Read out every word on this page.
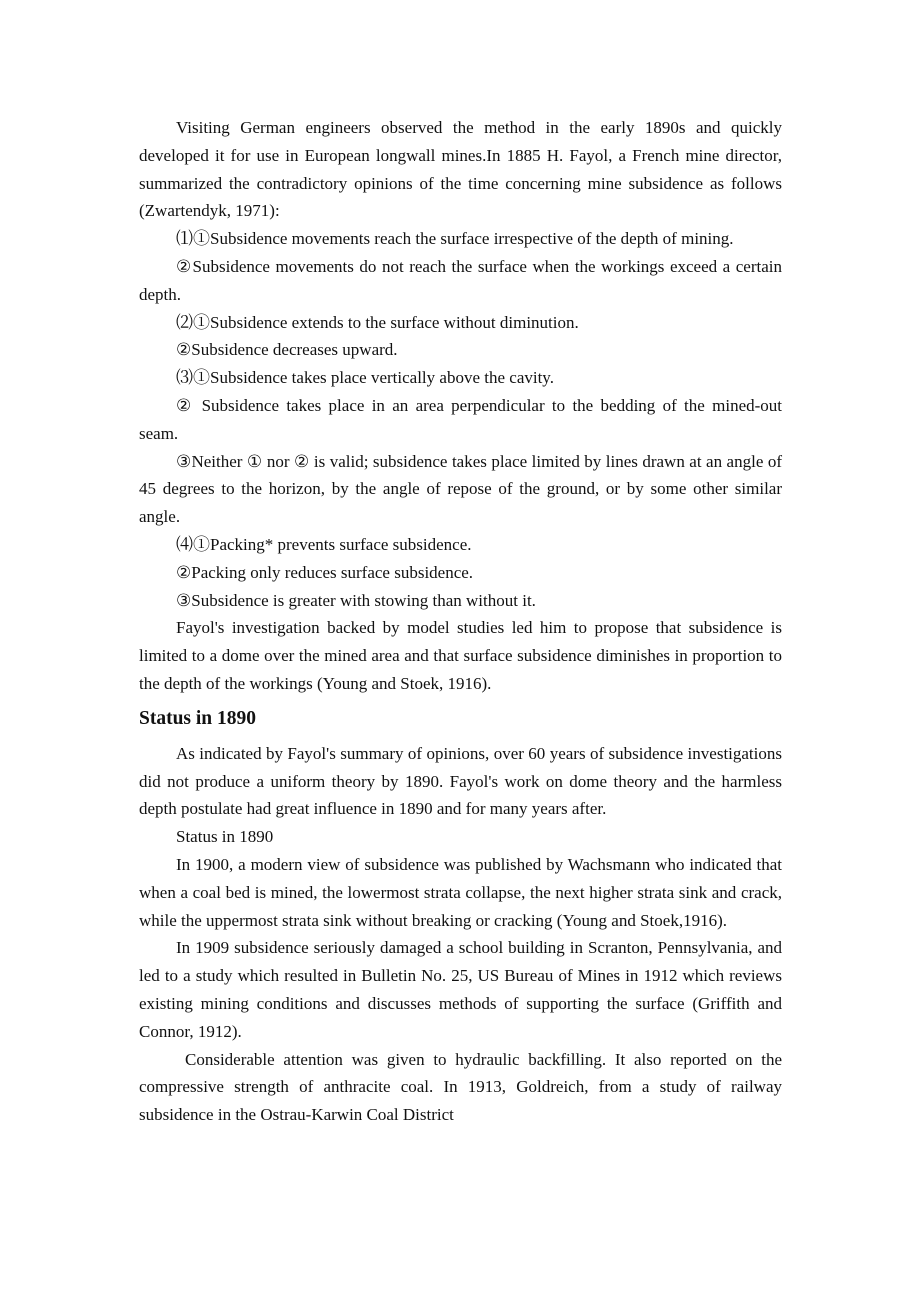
Visiting German engineers observed the method in the early 1890s and quickly developed it for use in European longwall mines.In 1885 H. Fayol, a French mine director, summarized the contradictory opinions of the time concerning mine subsidence as follows (Zwartendyk, 1971):

⑴①Subsidence movements reach the surface irrespective of the depth of mining.

②Subsidence movements do not reach the surface when the workings exceed a certain depth.

⑵①Subsidence extends to the surface without diminution.

②Subsidence decreases upward.

⑶①Subsidence takes place vertically above the cavity.

② Subsidence takes place in an area perpendicular to the bedding of the mined-out seam.

③Neither ① nor ② is valid; subsidence takes place limited by lines drawn at an angle of 45 degrees to the horizon, by the angle of repose of the ground, or by some other similar angle.

⑷①Packing* prevents surface subsidence.

②Packing only reduces surface subsidence.

③Subsidence is greater with stowing than without it.

Fayol's investigation backed by model studies led him to propose that subsidence is limited to a dome over the mined area and that surface subsidence diminishes in proportion to the depth of the workings (Young and Stoek, 1916).

Status in 1890

As indicated by Fayol's summary of opinions, over 60 years of subsidence investigations did not produce a uniform theory by 1890. Fayol's work on dome theory and the harmless depth postulate had great influence in 1890 and for many years after.

Status in 1890

In 1900, a modern view of subsidence was published by Wachsmann who indicated that when a coal bed is mined, the lowermost strata collapse, the next higher strata sink and crack, while the uppermost strata sink without breaking or cracking (Young and Stoek,1916).

In 1909 subsidence seriously damaged a school building in Scranton, Pennsylvania, and led to a study which resulted in Bulletin No. 25, US Bureau of Mines in 1912 which reviews existing mining conditions and discusses methods of supporting the surface (Griffith and Connor, 1912).

Considerable attention was given to hydraulic backfilling. It also reported on the compressive strength of anthracite coal. In 1913, Goldreich, from a study of railway subsidence in the Ostrau-Karwin Coal District
